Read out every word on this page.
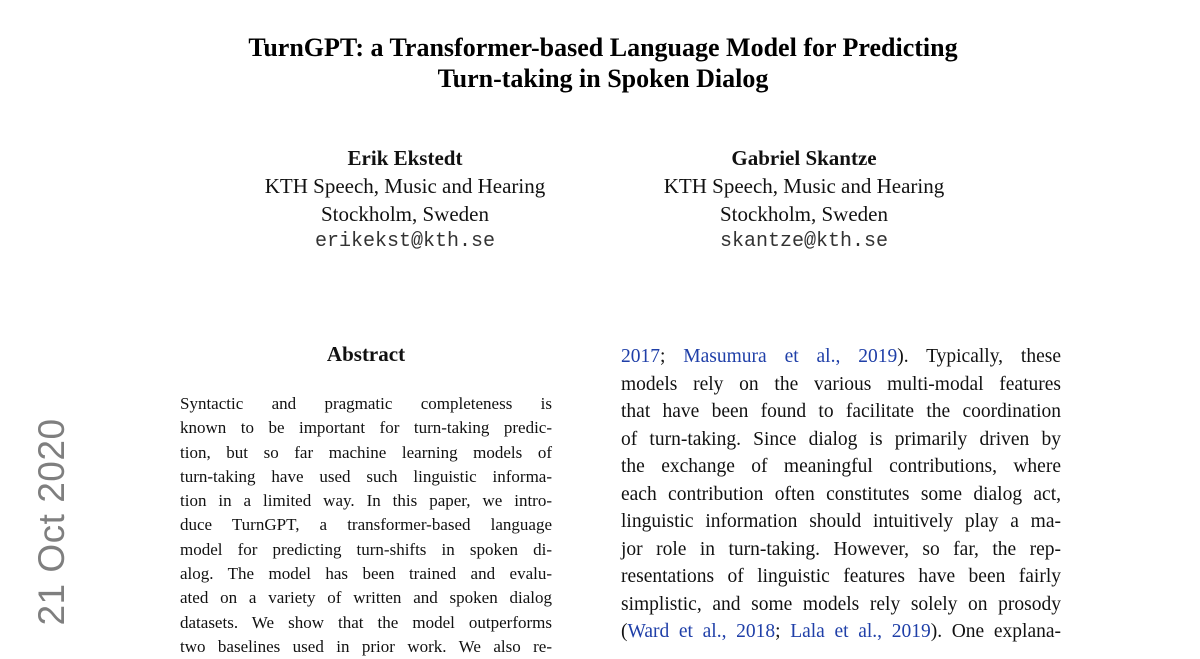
TurnGPT: a Transformer-based Language Model for Predicting
Turn-taking in Spoken Dialog
Erik Ekstedt
KTH Speech, Music and Hearing
Stockholm, Sweden
erikekst@kth.se
Gabriel Skantze
KTH Speech, Music and Hearing
Stockholm, Sweden
skantze@kth.se
21 Oct 2020
Abstract
Syntactic and pragmatic completeness is
known to be important for turn-taking predic-
tion, but so far machine learning models of
turn-taking have used such linguistic informa-
tion in a limited way. In this paper, we intro-
duce TurnGPT, a transformer-based language
model for predicting turn-shifts in spoken di-
alog. The model has been trained and evalu-
ated on a variety of written and spoken dialog
datasets. We show that the model outperforms
two baselines used in prior work. We also re-
2017; Masumura et al., 2019). Typically, these
models rely on the various multi-modal features
that have been found to facilitate the coordination
of turn-taking. Since dialog is primarily driven by
the exchange of meaningful contributions, where
each contribution often constitutes some dialog act,
linguistic information should intuitively play a ma-
jor role in turn-taking. However, so far, the rep-
resentations of linguistic features have been fairly
simplistic, and some models rely solely on prosody
(Ward et al., 2018; Lala et al., 2019). One explana-
